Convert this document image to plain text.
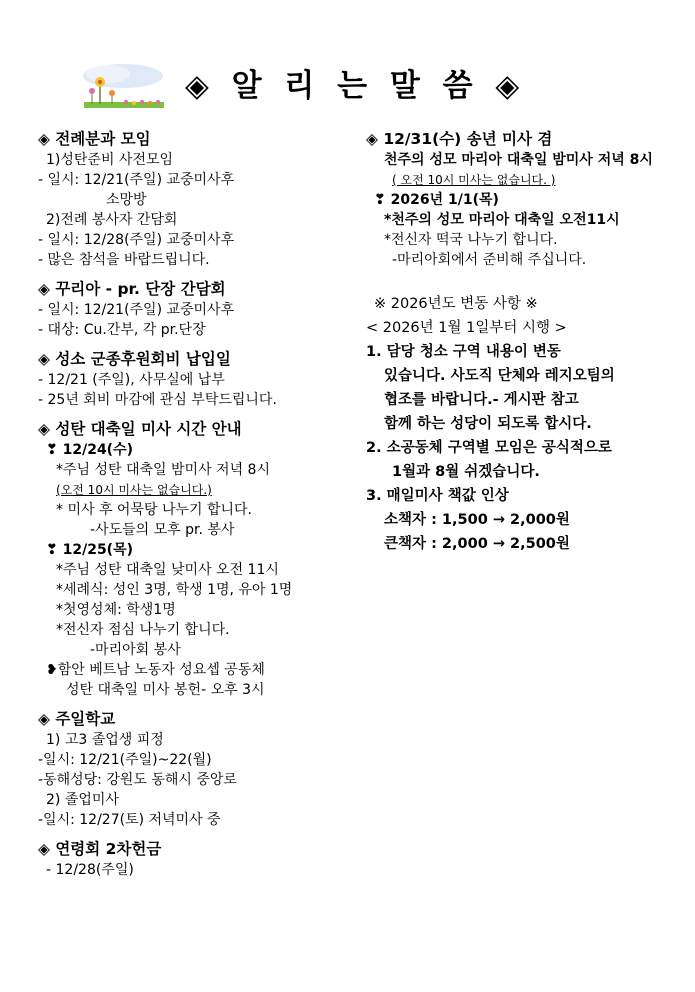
◈ 알 리 는 말 씀 ◈
◈ 전례분과 모임
1)성탄준비 사전모임
- 일시: 12/21(주일) 교중미사후
소망방
2)전례 봉사자 간담회
- 일시: 12/28(주일) 교중미사후
- 많은 참석을 바랍드립니다.
◈ 꾸리아 - pr. 단장 간담회
- 일시: 12/21(주일) 교중미사후
- 대상: Cu.간부, 각 pr.단장
◈ 성소 군종후원회비 납입일
- 12/21 (주일), 사무실에 납부
- 25년 회비 마감에 관심 부탁드립니다.
◈ 성탄 대축일 미사 시간 안내
❣ 12/24(수)
*주님 성탄 대축일 밤미사 저녁 8시
(오전 10시 미사는 없습니다.)
* 미사 후 어묵탕 나누기 합니다.
-사도들의 모후 pr. 봉사
❣ 12/25(목)
*주님 성탄 대축일 낮미사 오전 11시
*세례식: 성인 3명, 학생 1명, 유아 1명
*첫영성체: 학생1명
*전신자 점심 나누기 합니다.
-마리아회 봉사
❥함안 베트남 노동자 성요셉 공동체
성탄 대축일 미사 봉헌- 오후 3시
◈ 주일학교
1) 고3 졸업생 피정
-일시: 12/21(주일)~22(월)
-동해성당: 강원도 동해시 중앙로
2) 졸업미사
-일시: 12/27(토) 저녁미사 중
◈ 연령회 2차헌금
- 12/28(주일)
◈ 12/31(수) 송년 미사 겸
천주의 성모 마리아 대축일 밤미사 저녁 8시
( 오전 10시 미사는 없습니다. )
❣ 2026년 1/1(목)
*천주의 성모 마리아 대축일 오전11시
*전신자 떡국 나누기 합니다.
-마리아회에서 준비해 주십니다.
※ 2026년도 변동 사항 ※
< 2026년 1월 1일부터 시행 >
1. 담당 청소 구역 내용이 변동
있습니다. 사도직 단체와 레지오팀의
협조를 바랍니다.- 게시판 참고
함께 하는 성당이 되도록 합시다.
2. 소공동체 구역별 모임은 공식적으로
1월과 8월 쉬겠습니다.
3. 매일미사 책값 인상
소책자 : 1,500 → 2,000원
큰책자 : 2,000 → 2,500원
